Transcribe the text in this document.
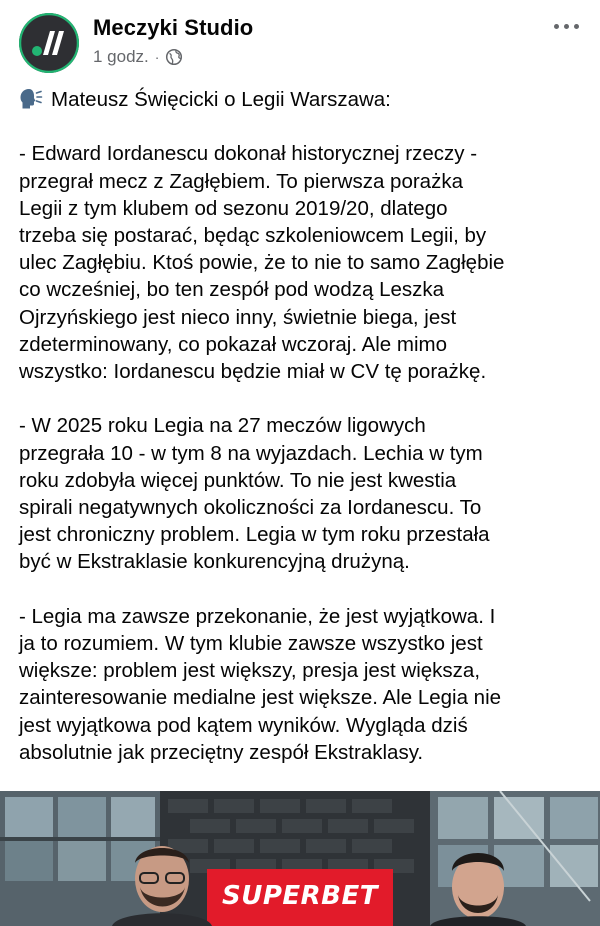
Meczyki Studio
1 godz. ·

Mateusz Święcicki o Legii Warszawa:

- Edward Iordanescu dokonał historycznej rzeczy -

przegrał mecz z Zagłębiem. To pierwsza porażka

Legii z tym klubem od sezonu 2019/20, dlatego

trzeba się postarać, będąc szkoleniowcem Legii, by

ulec Zagłębiu. Ktoś powie, że to nie to samo Zagłębie

co wcześniej, bo ten zespół pod wodzą Leszka

Ojrzyńskiego jest nieco inny, świetnie biega, jest

zdeterminowany, co pokazał wczoraj. Ale mimo

wszystko: Iordanescu będzie miał w CV tę porażkę.

- W 2025 roku Legia na 27 meczów ligowych

przegrała 10 - w tym 8 na wyjazdach. Lechia w tym

roku zdobyła więcej punktów. To nie jest kwestia

spirali negatywnych okoliczności za Iordanescu. To

jest chroniczny problem. Legia w tym roku przestała

być w Ekstraklasie konkurencyjną drużyną.

- Legia ma zawsze przekonanie, że jest wyjątkowa. I

ja to rozumiem. W tym klubie zawsze wszystko jest

większe: problem jest większy, presja jest większa,

zainteresowanie medialne jest większe. Ale Legia nie

jest wyjątkowa pod kątem wyników. Wygląda dziś

absolutnie jak przeciętny zespół Ekstraklasy.

SUPERBET
